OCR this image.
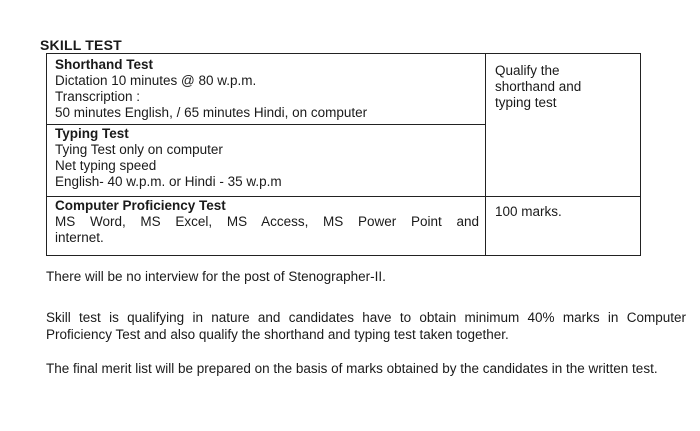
SKILL TEST
Shorthand Test
Dictation 10 minutes @ 80 w.p.m.
Transcription :
50 minutes English, / 65 minutes Hindi, on computer
Typing Test
Tying Test only on computer
Net typing speed
English- 40 w.p.m. or Hindi - 35 w.p.m
Computer Proficiency Test
MS Word, MS Excel, MS Access, MS Power Point and
internet.
Qualify the
shorthand and
typing test
100 marks.
There will be no interview for the post of Stenographer-II.
Skill test is qualifying in nature and candidates have to obtain minimum 40% marks in Computer Proficiency Test and also qualify the shorthand and typing test taken together.
The final merit list will be prepared on the basis of marks obtained by the candidates in the written test.
